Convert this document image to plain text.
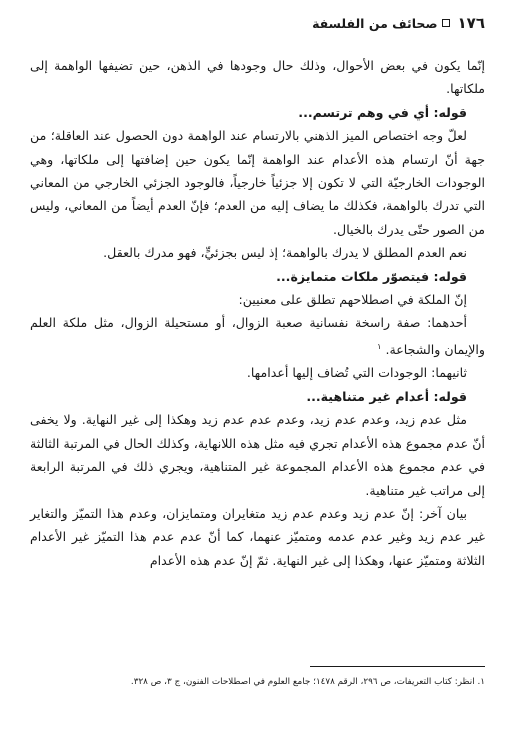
١٧٦
صحائف من الفلسفة

إنّما يكون في بعض الأحوال، وذلك حال وجودها في الذهن، حين تضيفها الواهمة إلى ملكاتها.

قوله: أي في وهم ترتسم...

لعلّ وجه اختصاص الميز الذهني بالارتسام عند الواهمة دون الحصول عند العاقلة؛ من جهة أنّ ارتسام هذه الأعدام عند الواهمة إنّما يكون حين إضافتها إلى ملكاتها، وهي الوجودات الخارجيّة التي لا تكون إلا جزئياً خارجياً، فالوجود الجزئي الخارجي من المعاني التي تدرك بالواهمة، فكذلك ما يضاف إليه من العدم؛ فإنّ العدم أيضاً من المعاني، وليس من الصور حتّى يدرك بالخيال.

نعم العدم المطلق لا يدرك بالواهمة؛ إذ ليس بجزئيٍّ، فهو مدرك بالعقل.

قوله: فيتصوّر ملكات متمايزة...

إنّ الملكة في اصطلاحهم تطلق على معنيين:

أحدهما: صفة راسخة نفسانية صعبة الزوال، أو مستحيلة الزوال، مثل ملكة العلم والإيمان والشجاعة. $^١$

ثانيهما: الوجودات التي تُضاف إليها أعدامها.

قوله: أعدام غير متناهية...

مثل عدم زيد، وعدم عدم زيد، وعدم عدم عدم زيد وهكذا إلى غير النهاية. ولا يخفى أنّ عدم مجموع هذه الأعدام تجري فيه مثل هذه اللانهاية، وكذلك الحال في المرتبة الثالثة في عدم مجموع هذه الأعدام المجموعة غير المتناهية، ويجري ذلك في المرتبة الرابعة إلى مراتب غير متناهية.

بيان آخر: إنّ عدم زيد وعدم عدم زيد متغايران ومتمايزان، وعدم هذا التميّز والتغاير غير عدم زيد وغير عدم عدمه ومتميّز عنهما، كما أنّ عدم عدم هذا التميّز غير الأعدام الثلاثة ومتميّز عنها، وهكذا إلى غير النهاية. ثمّ إنّ عدم هذه الأعدام

١. انظر: كتاب التعريفات، ص ٢٩٦، الرقم ١٤٧٨؛ جامع العلوم في اصطلاحات الفنون، ج ٣، ص ٣٢٨.
